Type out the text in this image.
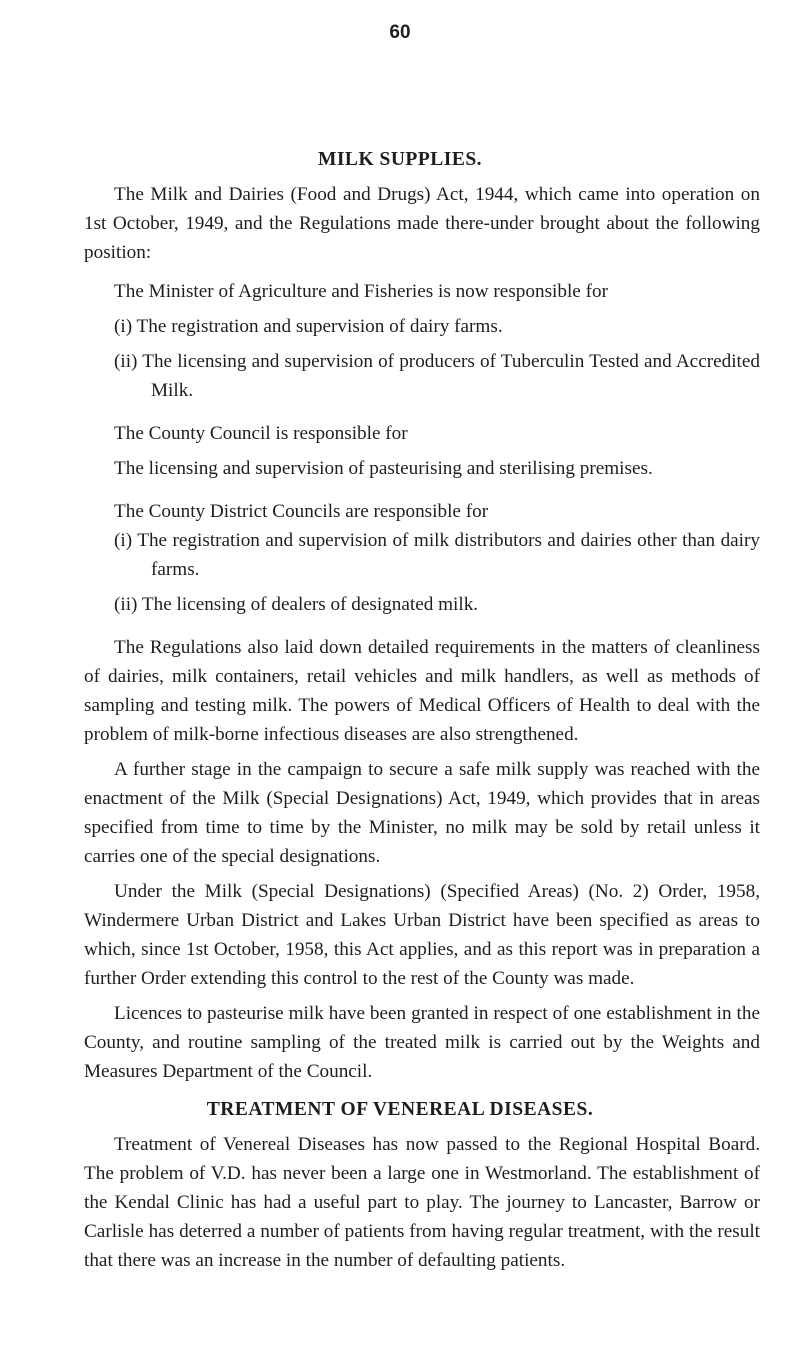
60
MILK SUPPLIES.

The Milk and Dairies (Food and Drugs) Act, 1944, which came into operation on 1st October, 1949, and the Regulations made there-under brought about the following position:

The Minister of Agriculture and Fisheries is now responsible for

(i) The registration and supervision of dairy farms.

(ii) The licensing and supervision of producers of Tuberculin Tested and Accredited Milk.

The County Council is responsible for

The licensing and supervision of pasteurising and sterilising premises.

The County District Councils are responsible for

(i) The registration and supervision of milk distributors and dairies other than dairy farms.

(ii) The licensing of dealers of designated milk.

The Regulations also laid down detailed requirements in the matters of cleanliness of dairies, milk containers, retail vehicles and milk handlers, as well as methods of sampling and testing milk. The powers of Medical Officers of Health to deal with the problem of milk-borne infectious diseases are also strengthened.

A further stage in the campaign to secure a safe milk supply was reached with the enactment of the Milk (Special Designations) Act, 1949, which provides that in areas specified from time to time by the Minister, no milk may be sold by retail unless it carries one of the special designations.

Under the Milk (Special Designations) (Specified Areas) (No. 2) Order, 1958, Windermere Urban District and Lakes Urban District have been specified as areas to which, since 1st October, 1958, this Act applies, and as this report was in preparation a further Order extending this control to the rest of the County was made.

Licences to pasteurise milk have been granted in respect of one establishment in the County, and routine sampling of the treated milk is carried out by the Weights and Measures Department of the Council.

TREATMENT OF VENEREAL DISEASES.

Treatment of Venereal Diseases has now passed to the Regional Hospital Board. The problem of V.D. has never been a large one in Westmorland. The establishment of the Kendal Clinic has had a useful part to play. The journey to Lancaster, Barrow or Carlisle has deterred a number of patients from having regular treatment, with the result that there was an increase in the number of defaulting patients.
